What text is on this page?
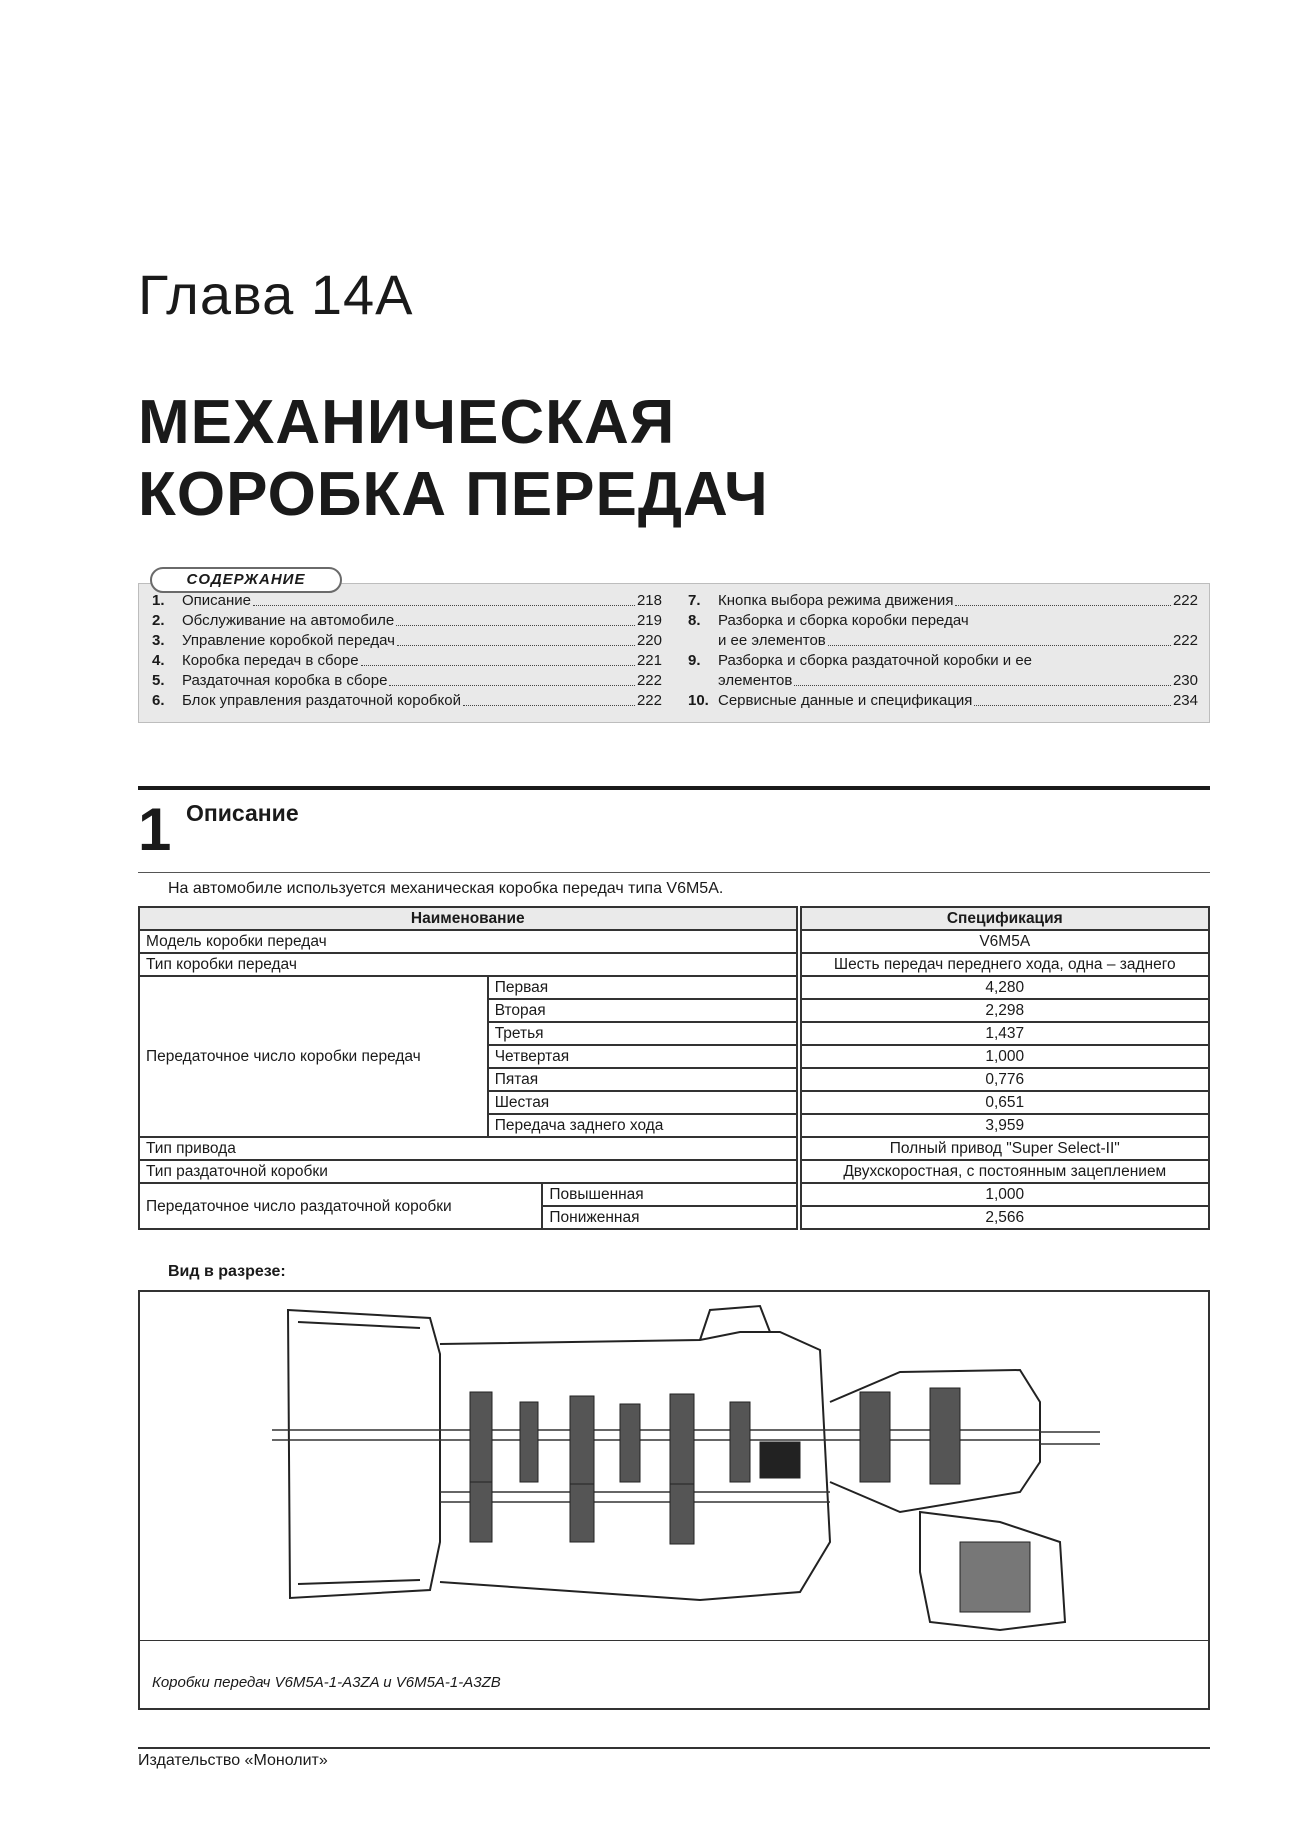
Глава 14А
МЕХАНИЧЕСКАЯ
КОРОБКА ПЕРЕДАЧ
СОДЕРЖАНИЕ
1.	Описание	218
2.	Обслуживание на автомобиле	219
3.	Управление коробкой передач	220
4.	Коробка передач в сборе	221
5.	Раздаточная коробка в сборе	222
6.	Блок управления раздаточной коробкой	222
7.	Кнопка выбора режима движения	222
8.	Разборка и сборка коробки передач
и ее элементов	222
9.	Разборка и сборка раздаточной коробки и ее
элементов	230
10. Сервисные данные и спецификация	234
1 Описание
На автомобиле используется механическая коробка передач типа V6M5A.
Наименование				Спецификация
Модель коробки передач				V6M5A
Тип коробки передач				Шесть передач переднего хода, одна – заднего
Передаточное число коробки передач	Первая			4,280
	Вторая			2,298
	Третья			1,437
	Четвертая			1,000
	Пятая			0,776
	Шестая			0,651
	Передача заднего хода			3,959
Тип привода				Полный привод "Super Select-II"
Тип раздаточной коробки				Двухскоростная, с постоянным зацеплением
Передаточное число раздаточной коробки		Повышенная		1,000
		Пониженная		2,566
Вид в разрезе:
Коробки передач V6M5A-1-A3ZA и V6M5A-1-A3ZB
Издательство «Монолит»
